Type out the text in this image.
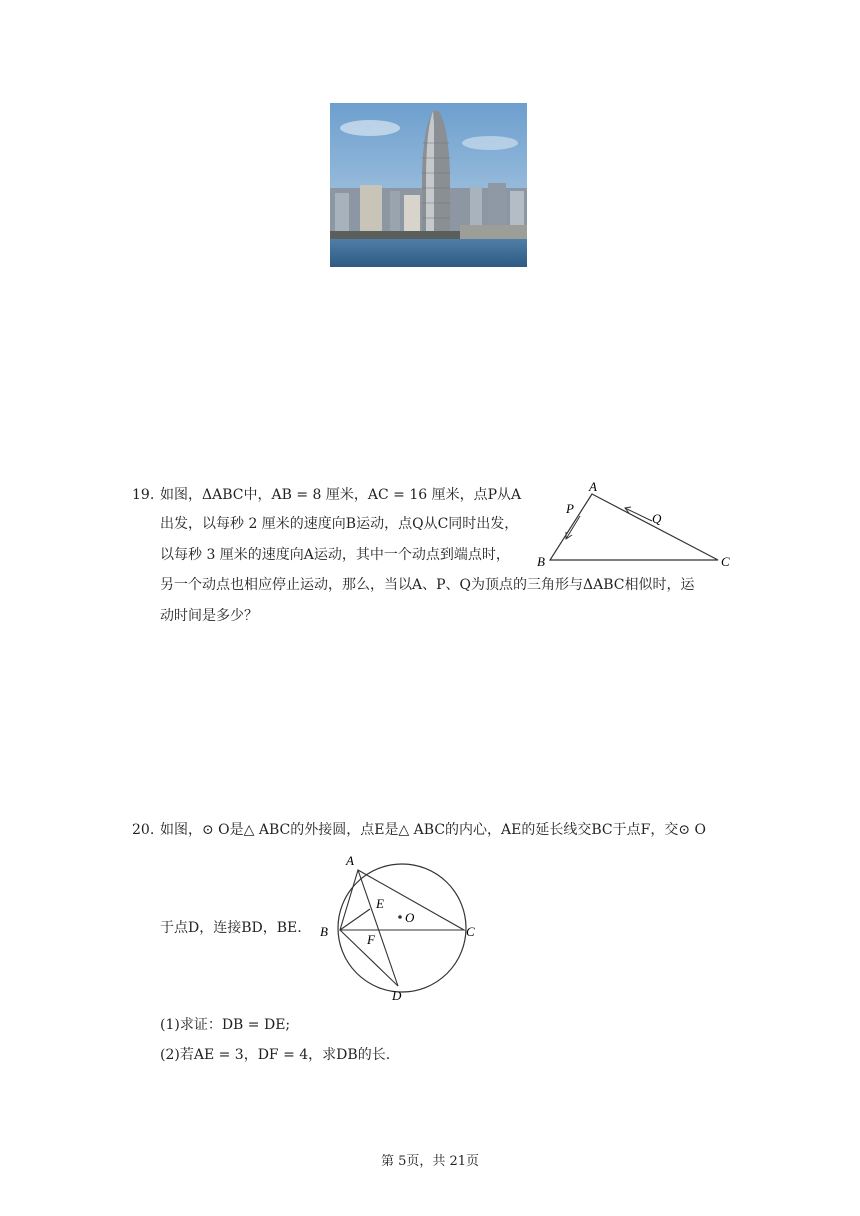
19. 如图，ΔABC中，AB = 8 厘米，AC = 16 厘米，点P从A
出发，以每秒 2 厘米的速度向B运动，点Q从C同时出发，
以每秒 3 厘米的速度向A运动，其中一个动点到端点时，
另一个动点也相应停止运动，那么，当以A、P、Q为顶点的三角形与ΔABC相似时，运
动时间是多少？
A
B	C
P
Q
20. 如图，⊙ O是△ ABC的外接圆，点E是△ ABC的内心，AE的延长线交BC于点F，交⊙ O
于点D，连接BD，BE.
A
B	C
D
E
F
O
(1)求证：DB = DE;
(2)若AE = 3，DF = 4，求DB的长.
第 5页，共 21页
